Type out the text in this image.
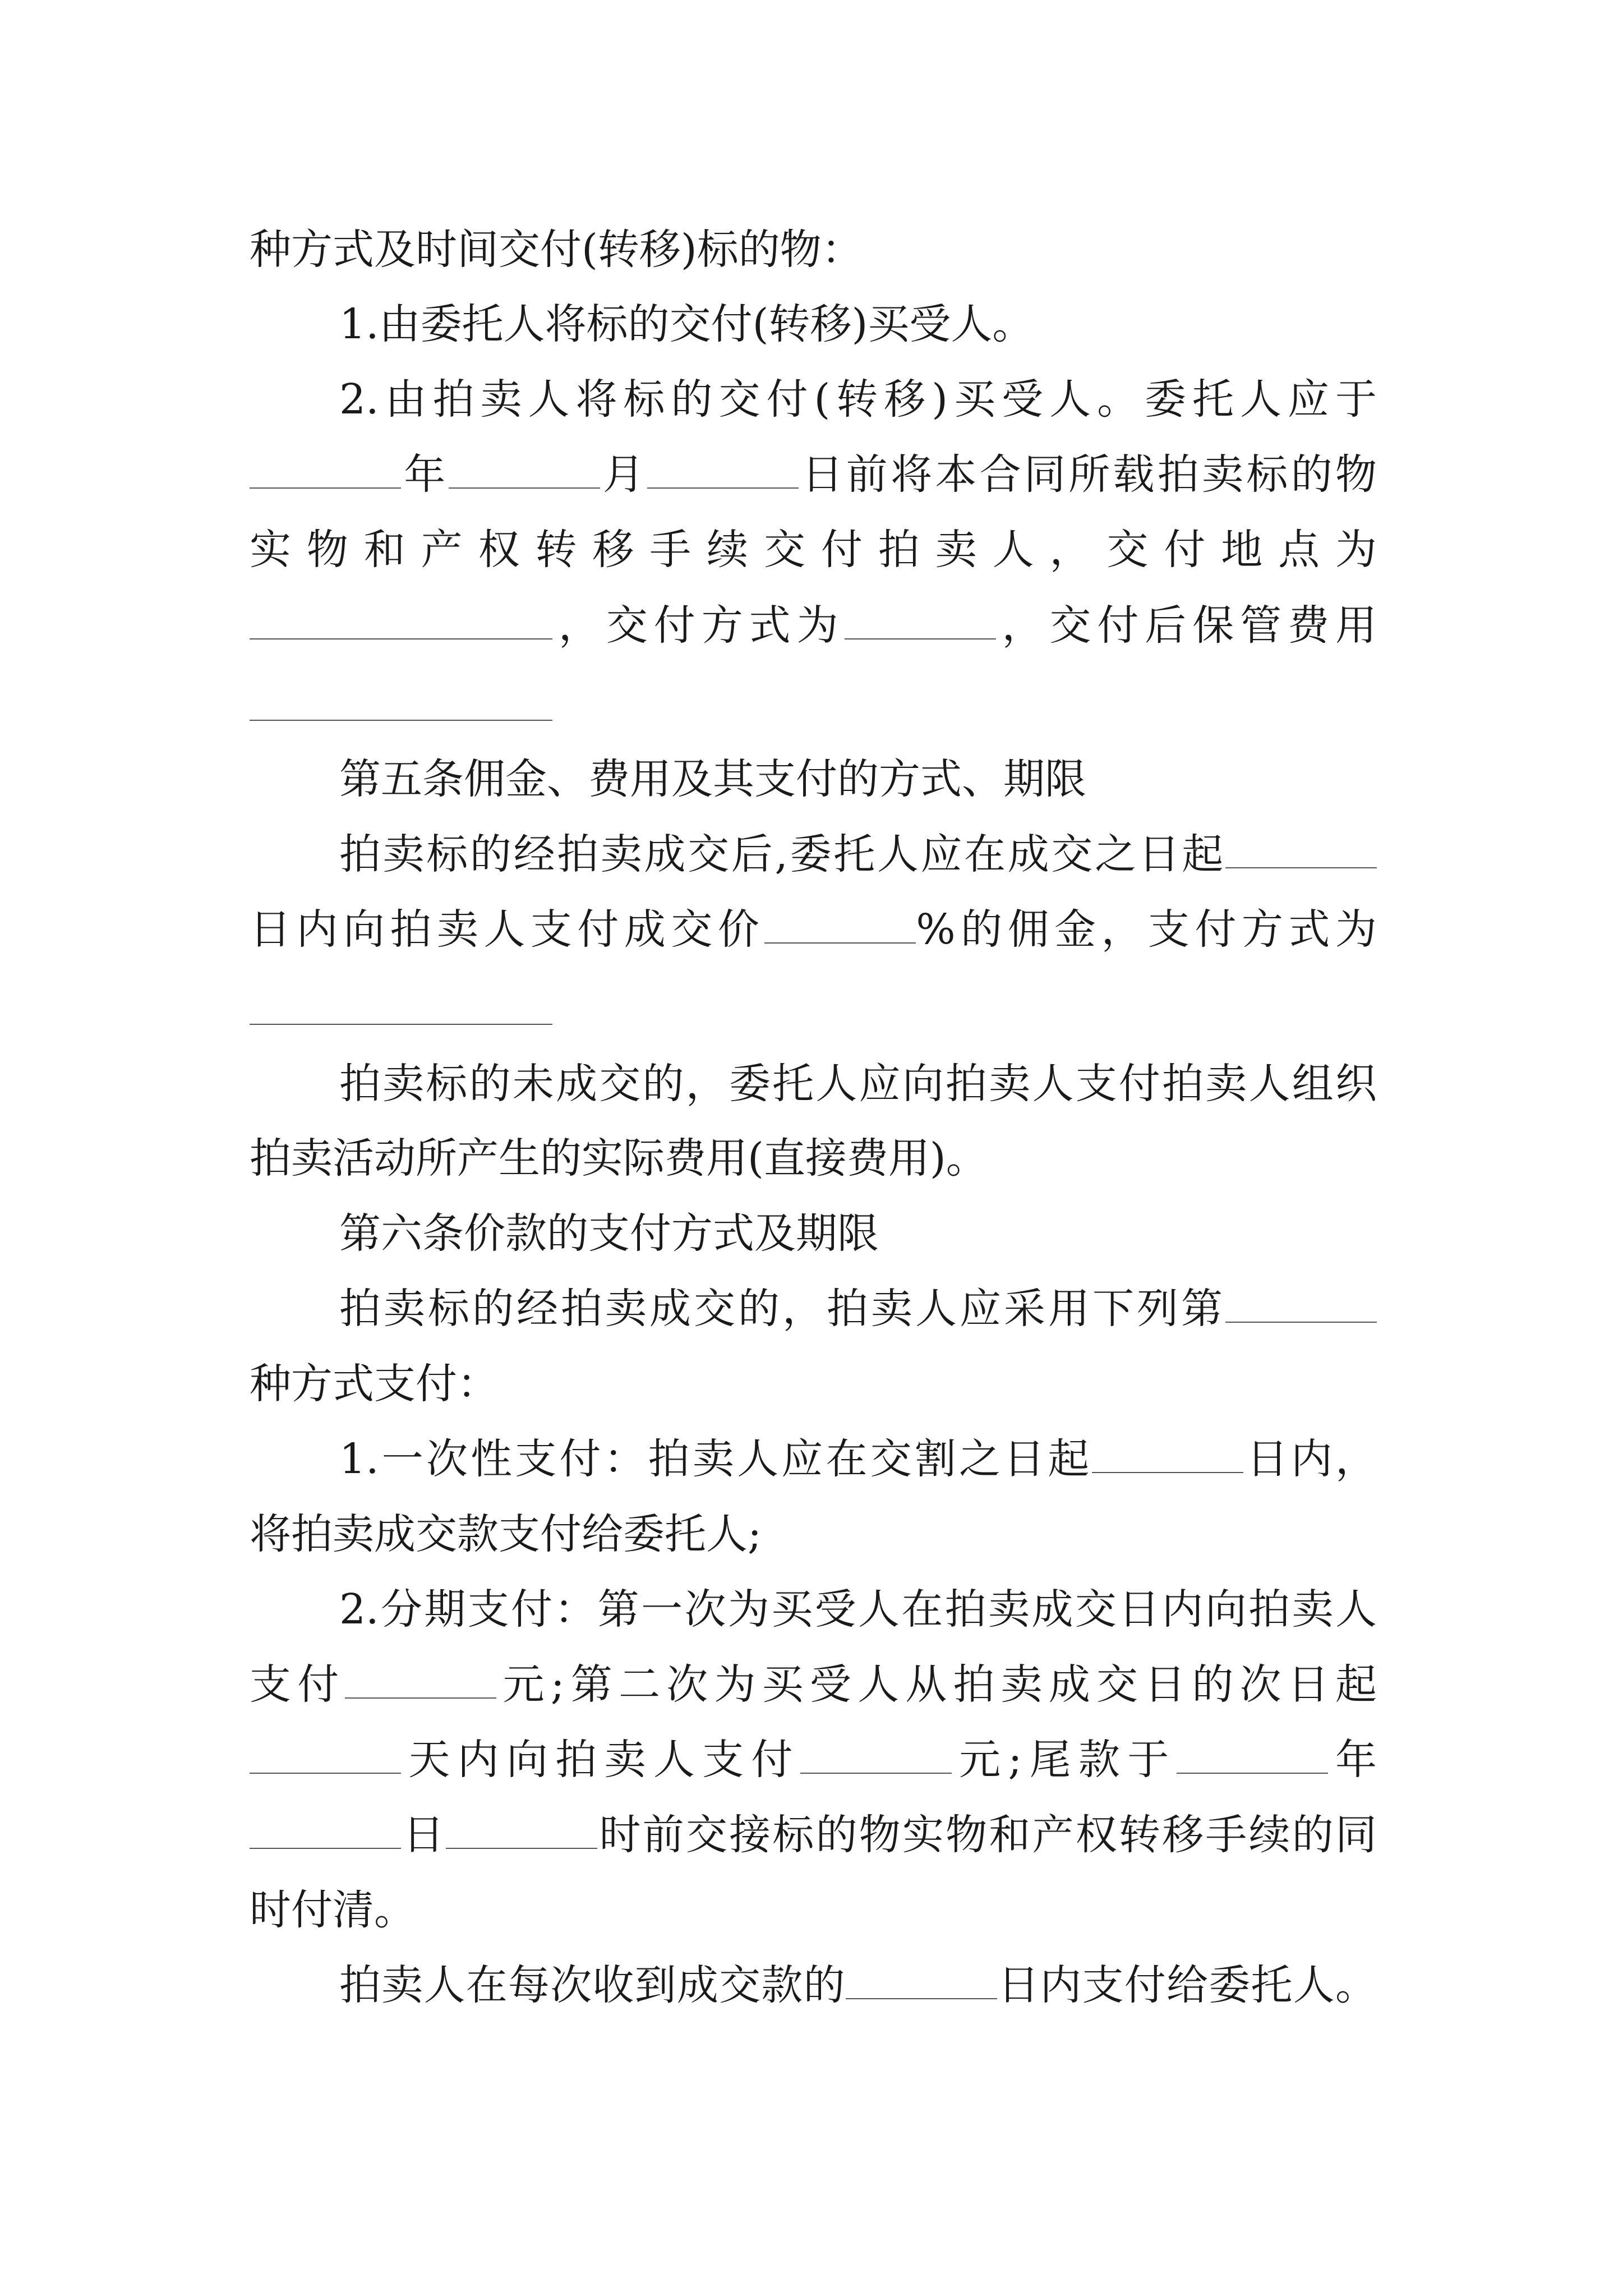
种方式及时间交付(转移)标的物：
1.由委托人将标的交付(转移)买受人。
2.由拍卖人将标的交付(转移)买受人。委托人应于
年	月	日前将本合同所载拍卖标的物
实物和产权转移手续交付拍卖人，交付地点为
，交付方式为	，交付后保管费用
第五条佣金、费用及其支付的方式、期限
拍卖标的经拍卖成交后,委托人应在成交之日起
日内向拍卖人支付成交价	%的佣金，支付方式为
拍卖标的未成交的，委托人应向拍卖人支付拍卖人组织
拍卖活动所产生的实际费用(直接费用)。
第六条价款的支付方式及期限
拍卖标的经拍卖成交的，拍卖人应采用下列第
种方式支付：
1.一次性支付：拍卖人应在交割之日起	日内，
将拍卖成交款支付给委托人;
2.分期支付：第一次为买受人在拍卖成交日内向拍卖人
支付	元;第二次为买受人从拍卖成交日的次日起
天内向拍卖人支付	元;尾款于	年
日	时前交接标的物实物和产权转移手续的同
时付清。
拍卖人在每次收到成交款的	日内支付给委托人。
